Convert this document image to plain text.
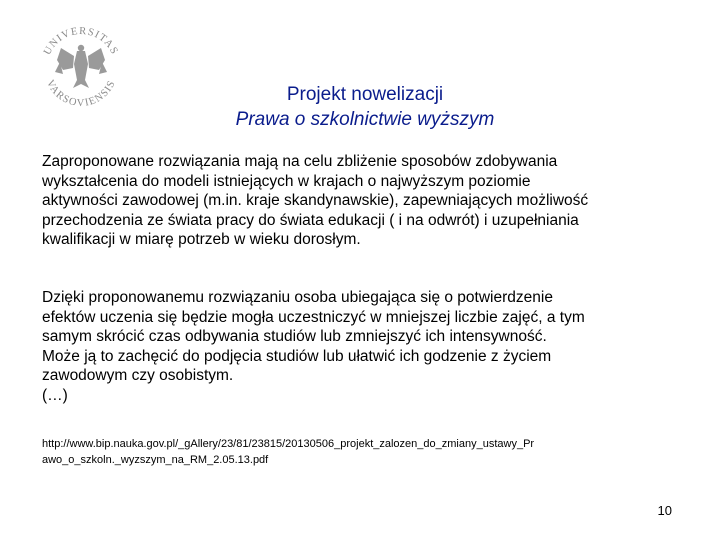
UNIVERSITAS
VARSOVIENSIS
Projekt nowelizacji
Prawa o szkolnictwie wyższym
Zaproponowane rozwiązania mają na celu zbliżenie sposobów zdobywania
wykształcenia do modeli istniejących w krajach o najwyższym poziomie
aktywności zawodowej (m.in. kraje skandynawskie), zapewniających możliwość
przechodzenia ze świata pracy do świata edukacji ( i na odwrót) i uzupełniania
kwalifikacji w miarę potrzeb w wieku dorosłym.
Dzięki proponowanemu rozwiązaniu osoba ubiegająca się o potwierdzenie
efektów uczenia się będzie mogła uczestniczyć w mniejszej liczbie zajęć, a tym
samym skrócić czas odbywania studiów lub zmniejszyć ich intensywność.
Może ją to zachęcić do podjęcia studiów lub ułatwić ich godzenie z życiem
zawodowym czy osobistym.
(…)
http://www.bip.nauka.gov.pl/_gAllery/23/81/23815/20130506_projekt_zalozen_do_zmiany_ustawy_Pr
awo_o_szkoln._wyzszym_na_RM_2.05.13.pdf
10
